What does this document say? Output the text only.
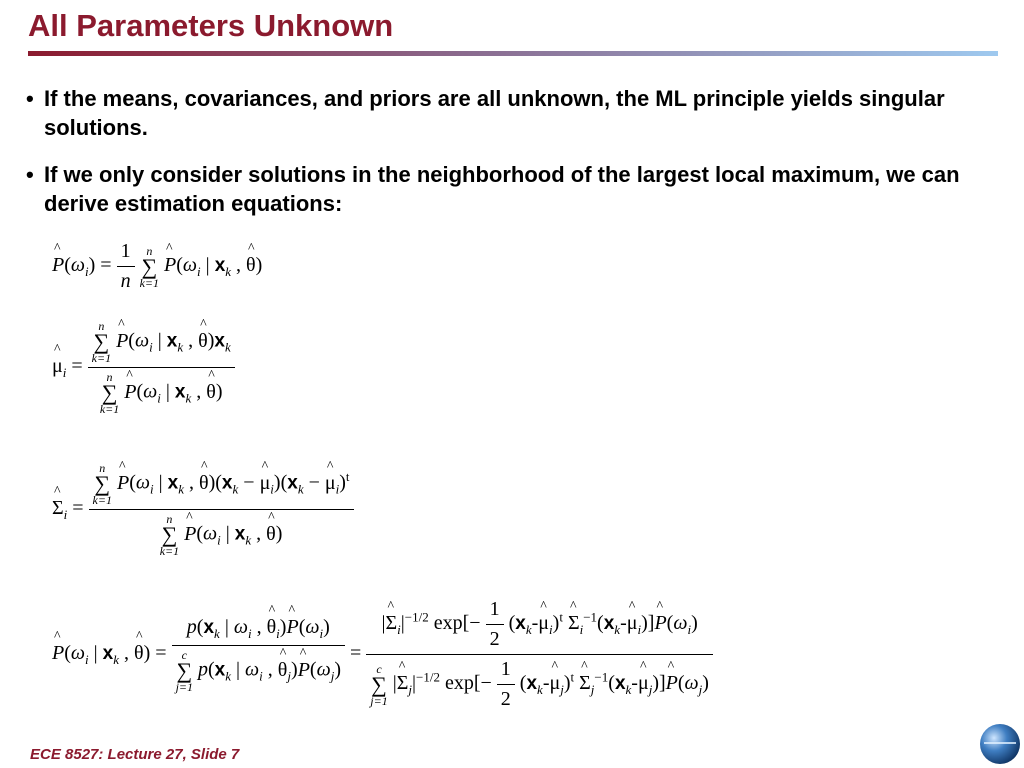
All Parameters Unknown
• If the means, covariances, and priors are all unknown, the ML principle yields singular solutions.
• If we only consider solutions in the neighborhood of the largest local maximum, we can derive estimation equations:
^ $P(\omega_i) = \frac{1}{n}$ n
∑
k=1 ^ $P(\omega_i$ | $x_k$ , ^ θ)
^ $\mu_i = n$
∑
k=1 ^ $P(\omega_i$ | $x_k$ , ^ $\theta)x_k$
n
∑
k=1 ^ $P(\omega_i$ | $x_k$ , ^ θ)
^ $\Sigma_i = n$
∑
k=1 ^ $P(\omega_i$ | $x_k$ , ^ $\theta)(x_k$ − ^ $\mu_i)(x_k$ − ^ $\mu_i)^t$
n
∑
k=1 ^ $P(\omega_i$ | $x_k$ , ^ θ)
^ $P(\omega_i$ | $x_k$ , ^ $\theta) = p(x_k$ | $\omega_i$ , ^ $\theta_i)\^{}$ $P(\omega_i)$
c
∑
j=1 $p(x_k$ | $\omega_i$ , ^ $\theta_j)\^{}$ $P(\omega_j)$ =
|^ $\Sigma_i|^{-1/2}$ $\exp[- \frac{1}{2}$ ($x_k-\^{}$ $\mu_i)^t$ ^ $\Sigma_i^{-1}(x_k-\^{}$ $\mu_i)]\^{}$ $P(\omega_i)$
c
∑
j=1 |^ $\Sigma_j|^{-1/2}$ $\exp[- \frac{1}{2}$ ($x_k-\^{}$ $\mu_j)^t$ ^ $\Sigma_j^{-1}(x_k-\^{}$ $\mu_j)]\^{}$ $P(\omega_j)$

ECE 8527: Lecture 27, Slide 7
